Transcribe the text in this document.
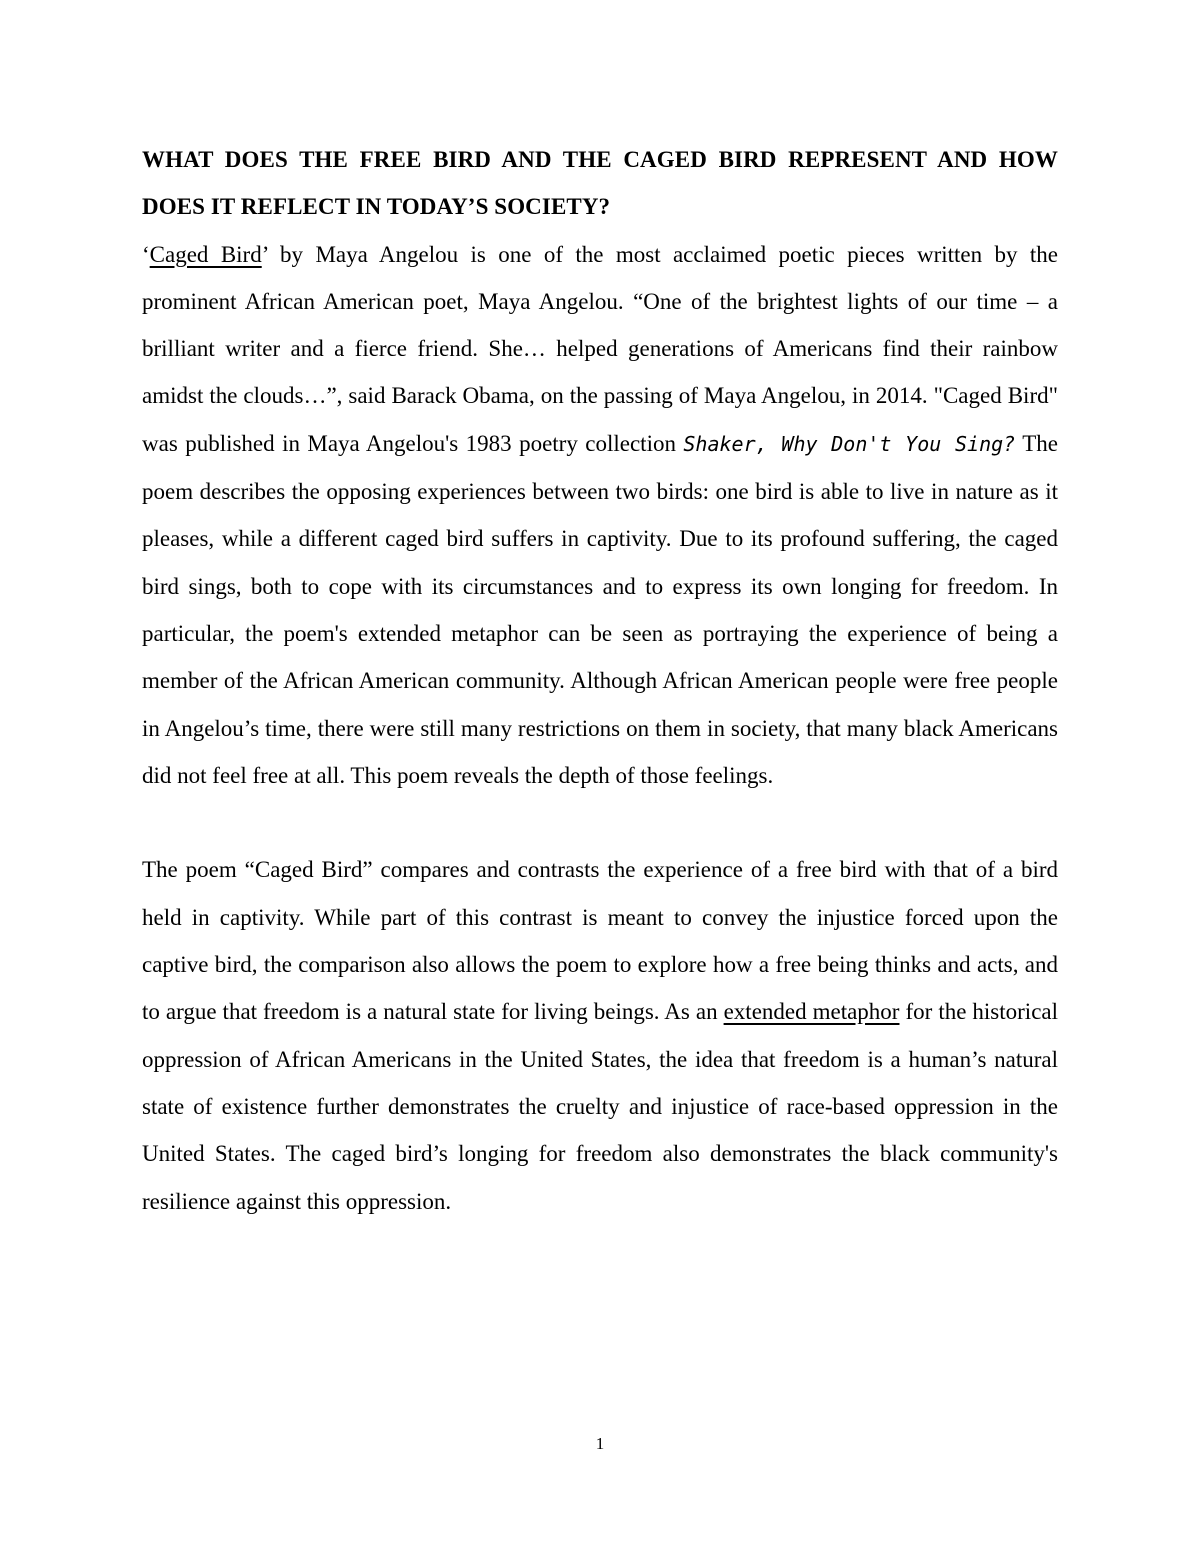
WHAT DOES THE FREE BIRD AND THE CAGED BIRD REPRESENT AND HOW DOES IT REFLECT IN TODAY’S SOCIETY?

‘Caged Bird’ by Maya Angelou is one of the most acclaimed poetic pieces written by the prominent African American poet, Maya Angelou. “One of the brightest lights of our time – a brilliant writer and a fierce friend. She… helped generations of Americans find their rainbow amidst the clouds…”, said Barack Obama, on the passing of Maya Angelou, in 2014. "Caged Bird" was published in Maya Angelou's 1983 poetry collection Shaker, Why Don't You Sing? The poem describes the opposing experiences between two birds: one bird is able to live in nature as it pleases, while a different caged bird suffers in captivity. Due to its profound suffering, the caged bird sings, both to cope with its circumstances and to express its own longing for freedom. In particular, the poem's extended metaphor can be seen as portraying the experience of being a member of the African American community. Although African American people were free people in Angelou’s time, there were still many restrictions on them in society, that many black Americans did not feel free at all. This poem reveals the depth of those feelings.

The poem “Caged Bird” compares and contrasts the experience of a free bird with that of a bird held in captivity. While part of this contrast is meant to convey the injustice forced upon the captive bird, the comparison also allows the poem to explore how a free being thinks and acts, and to argue that freedom is a natural state for living beings. As an extended metaphor for the historical oppression of African Americans in the United States, the idea that freedom is a human’s natural state of existence further demonstrates the cruelty and injustice of race-based oppression in the United States. The caged bird’s longing for freedom also demonstrates the black community's resilience against this oppression.

1
